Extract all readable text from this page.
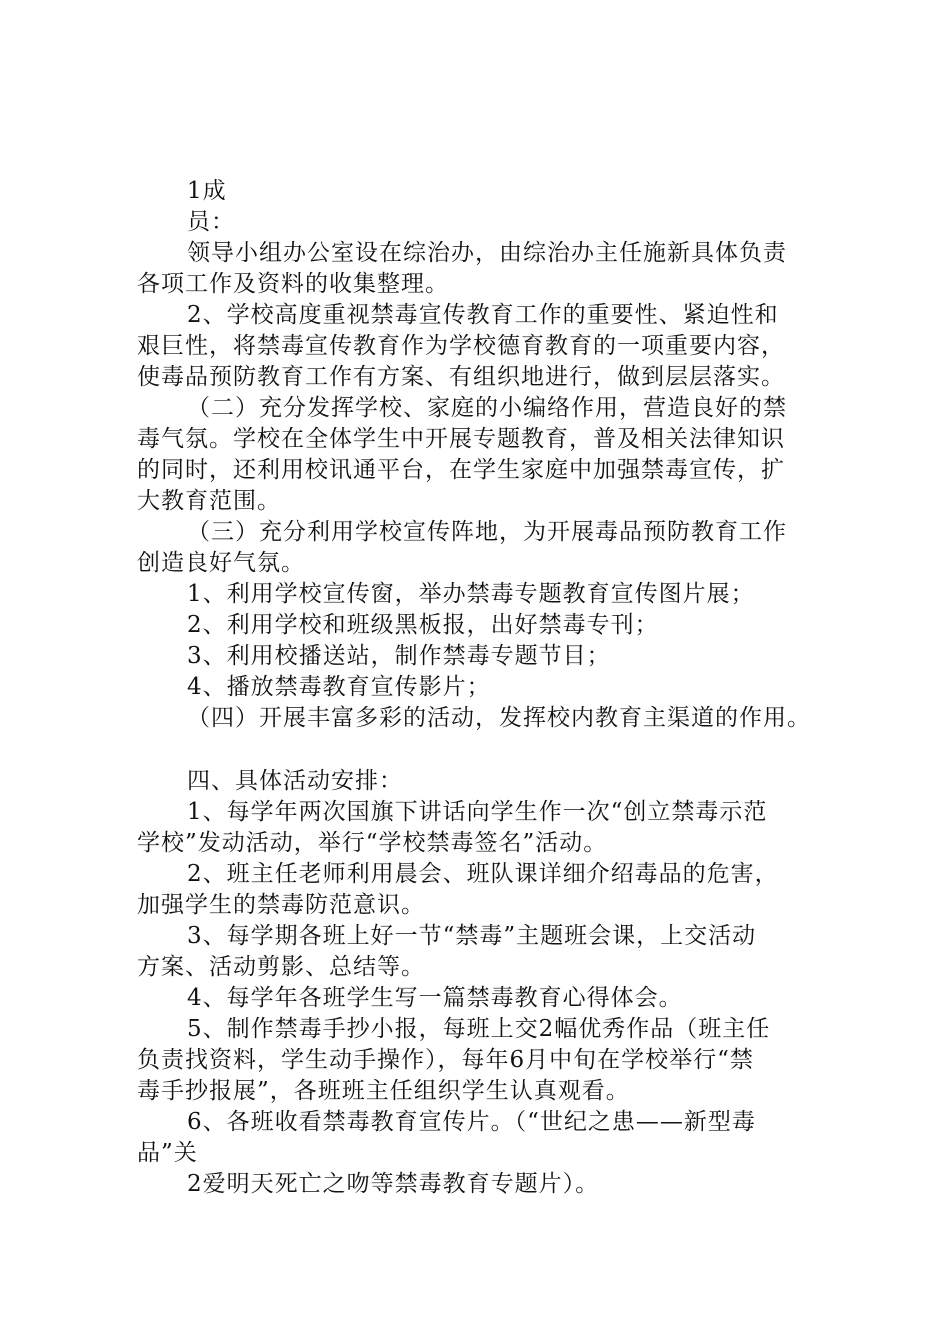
1成
员：
领导小组办公室设在综治办，由综治办主任施新具体负责
各项工作及资料的收集整理。
2、学校高度重视禁毒宣传教育工作的重要性、紧迫性和
艰巨性，将禁毒宣传教育作为学校德育教育的一项重要内容，
使毒品预防教育工作有方案、有组织地进行，做到层层落实。
（二）充分发挥学校、家庭的小编络作用，营造良好的禁
毒气氛。学校在全体学生中开展专题教育，普及相关法律知识
的同时，还利用校讯通平台，在学生家庭中加强禁毒宣传，扩
大教育范围。
（三）充分利用学校宣传阵地，为开展毒品预防教育工作
创造良好气氛。
1、利用学校宣传窗，举办禁毒专题教育宣传图片展；
2、利用学校和班级黑板报，出好禁毒专刊；
3、利用校播送站，制作禁毒专题节目；
4、播放禁毒教育宣传影片；
（四）开展丰富多彩的活动，发挥校内教育主渠道的作用。
四、具体活动安排：
1、每学年两次国旗下讲话向学生作一次“创立禁毒示范
学校”发动活动，举行“学校禁毒签名”活动。
2、班主任老师利用晨会、班队课详细介绍毒品的危害，
加强学生的禁毒防范意识。
3、每学期各班上好一节“禁毒”主题班会课，上交活动
方案、活动剪影、总结等。
4、每学年各班学生写一篇禁毒教育心得体会。
5、制作禁毒手抄小报，每班上交2幅优秀作品（班主任
负责找资料，学生动手操作），每年6月中旬在学校举行“禁
毒手抄报展”，各班班主任组织学生认真观看。
6、各班收看禁毒教育宣传片。（“世纪之患——新型毒
品”关
2爱明天死亡之吻等禁毒教育专题片）。
